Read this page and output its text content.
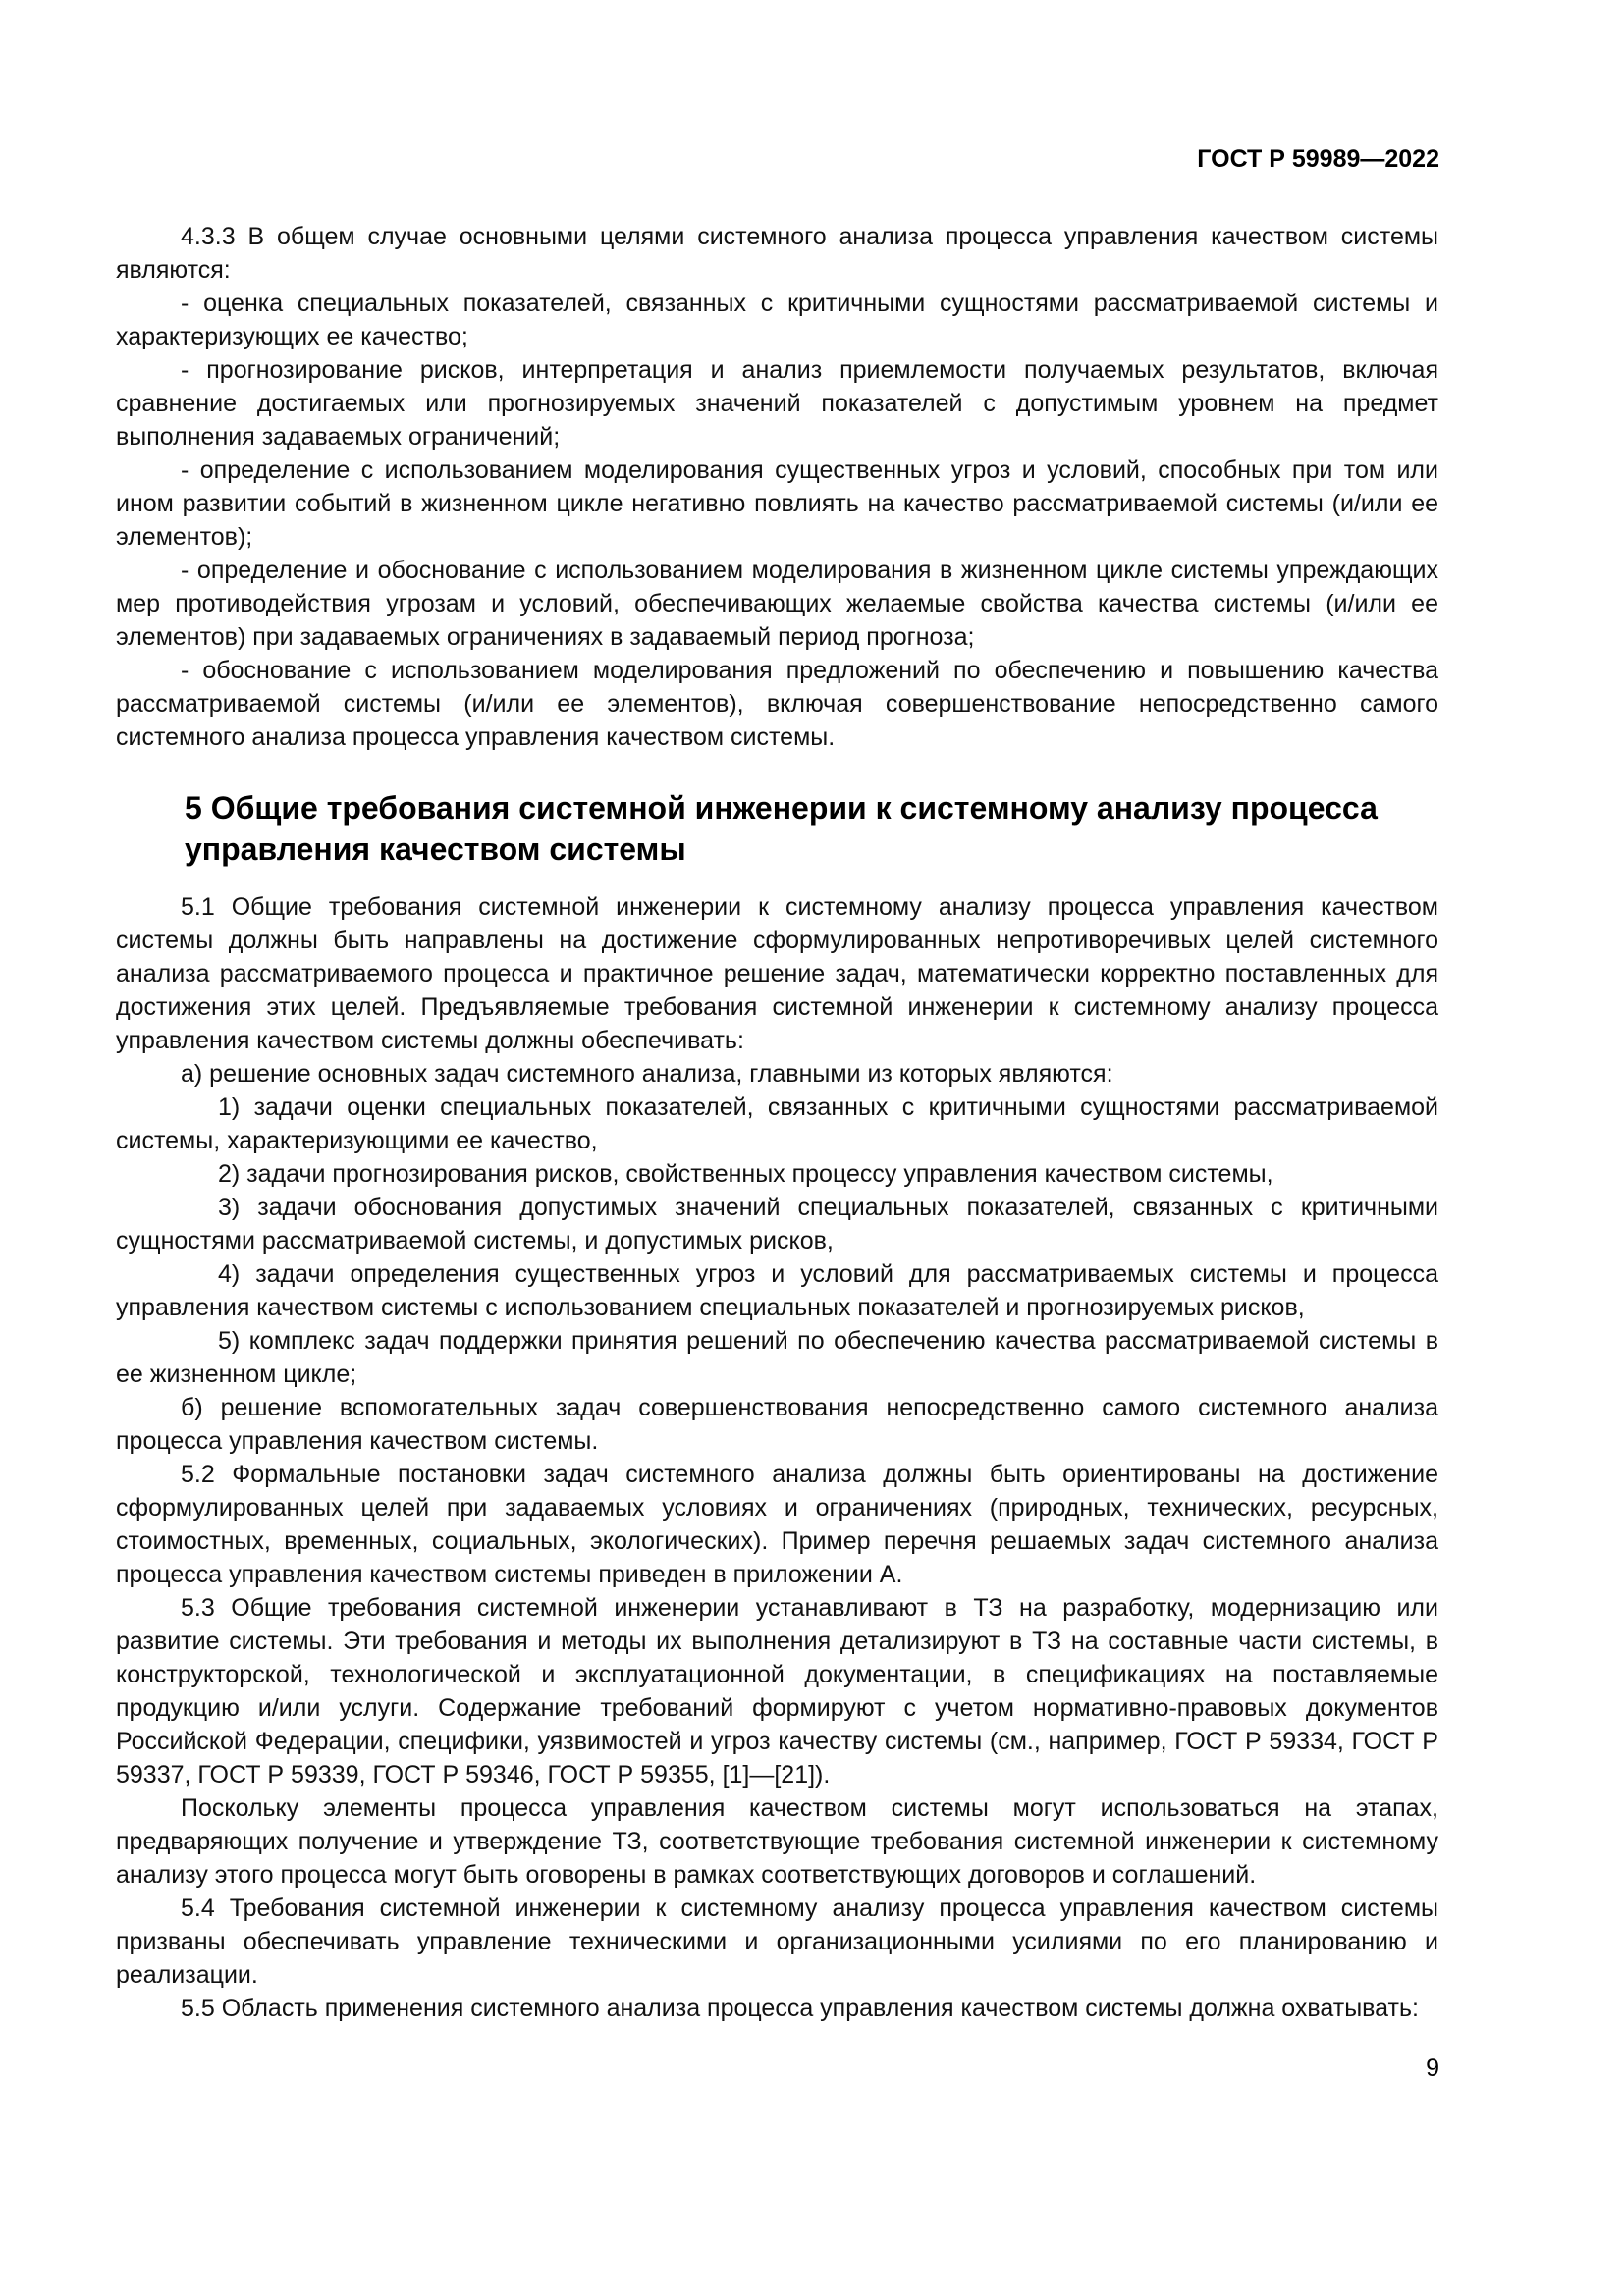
ГОСТ Р 59989—2022

4.3.3 В общем случае основными целями системного анализа процесса управления качеством системы являются:

- оценка специальных показателей, связанных с критичными сущностями рассматриваемой системы и характеризующих ее качество;

- прогнозирование рисков, интерпретация и анализ приемлемости получаемых результатов, включая сравнение достигаемых или прогнозируемых значений показателей с допустимым уровнем на предмет выполнения задаваемых ограничений;

- определение с использованием моделирования существенных угроз и условий, способных при том или ином развитии событий в жизненном цикле негативно повлиять на качество рассматриваемой системы (и/или ее элементов);

- определение и обоснование с использованием моделирования в жизненном цикле системы упреждающих мер противодействия угрозам и условий, обеспечивающих желаемые свойства качества системы (и/или ее элементов) при задаваемых ограничениях в задаваемый период прогноза;

- обоснование с использованием моделирования предложений по обеспечению и повышению качества рассматриваемой системы (и/или ее элементов), включая совершенствование непосредственно самого системного анализа процесса управления качеством системы.

5 Общие требования системной инженерии к системному анализу процесса управления качеством системы

5.1 Общие требования системной инженерии к системному анализу процесса управления качеством системы должны быть направлены на достижение сформулированных непротиворечивых целей системного анализа рассматриваемого процесса и практичное решение задач, математически корректно поставленных для достижения этих целей. Предъявляемые требования системной инженерии к системному анализу процесса управления качеством системы должны обеспечивать:

а) решение основных задач системного анализа, главными из которых являются:

1) задачи оценки специальных показателей, связанных с критичными сущностями рассматриваемой системы, характеризующими ее качество,

2) задачи прогнозирования рисков, свойственных процессу управления качеством системы,

3) задачи обоснования допустимых значений специальных показателей, связанных с критичными сущностями рассматриваемой системы, и допустимых рисков,

4) задачи определения существенных угроз и условий для рассматриваемых системы и процесса управления качеством системы с использованием специальных показателей и прогнозируемых рисков,

5) комплекс задач поддержки принятия решений по обеспечению качества рассматриваемой системы в ее жизненном цикле;

б) решение вспомогательных задач совершенствования непосредственно самого системного анализа процесса управления качеством системы.

5.2 Формальные постановки задач системного анализа должны быть ориентированы на достижение сформулированных целей при задаваемых условиях и ограничениях (природных, технических, ресурсных, стоимостных, временных, социальных, экологических). Пример перечня решаемых задач системного анализа процесса управления качеством системы приведен в приложении А.

5.3 Общие требования системной инженерии устанавливают в ТЗ на разработку, модернизацию или развитие системы. Эти требования и методы их выполнения детализируют в ТЗ на составные части системы, в конструкторской, технологической и эксплуатационной документации, в спецификациях на поставляемые продукцию и/или услуги. Содержание требований формируют с учетом нормативно-правовых документов Российской Федерации, специфики, уязвимостей и угроз качеству системы (см., например, ГОСТ Р 59334, ГОСТ Р 59337, ГОСТ Р 59339, ГОСТ Р 59346, ГОСТ Р 59355, [1]—[21]).

Поскольку элементы процесса управления качеством системы могут использоваться на этапах, предваряющих получение и утверждение ТЗ, соответствующие требования системной инженерии к системному анализу этого процесса могут быть оговорены в рамках соответствующих договоров и соглашений.

5.4 Требования системной инженерии к системному анализу процесса управления качеством системы призваны обеспечивать управление техническими и организационными усилиями по его планированию и реализации.

5.5 Область применения системного анализа процесса управления качеством системы должна охватывать:

9
